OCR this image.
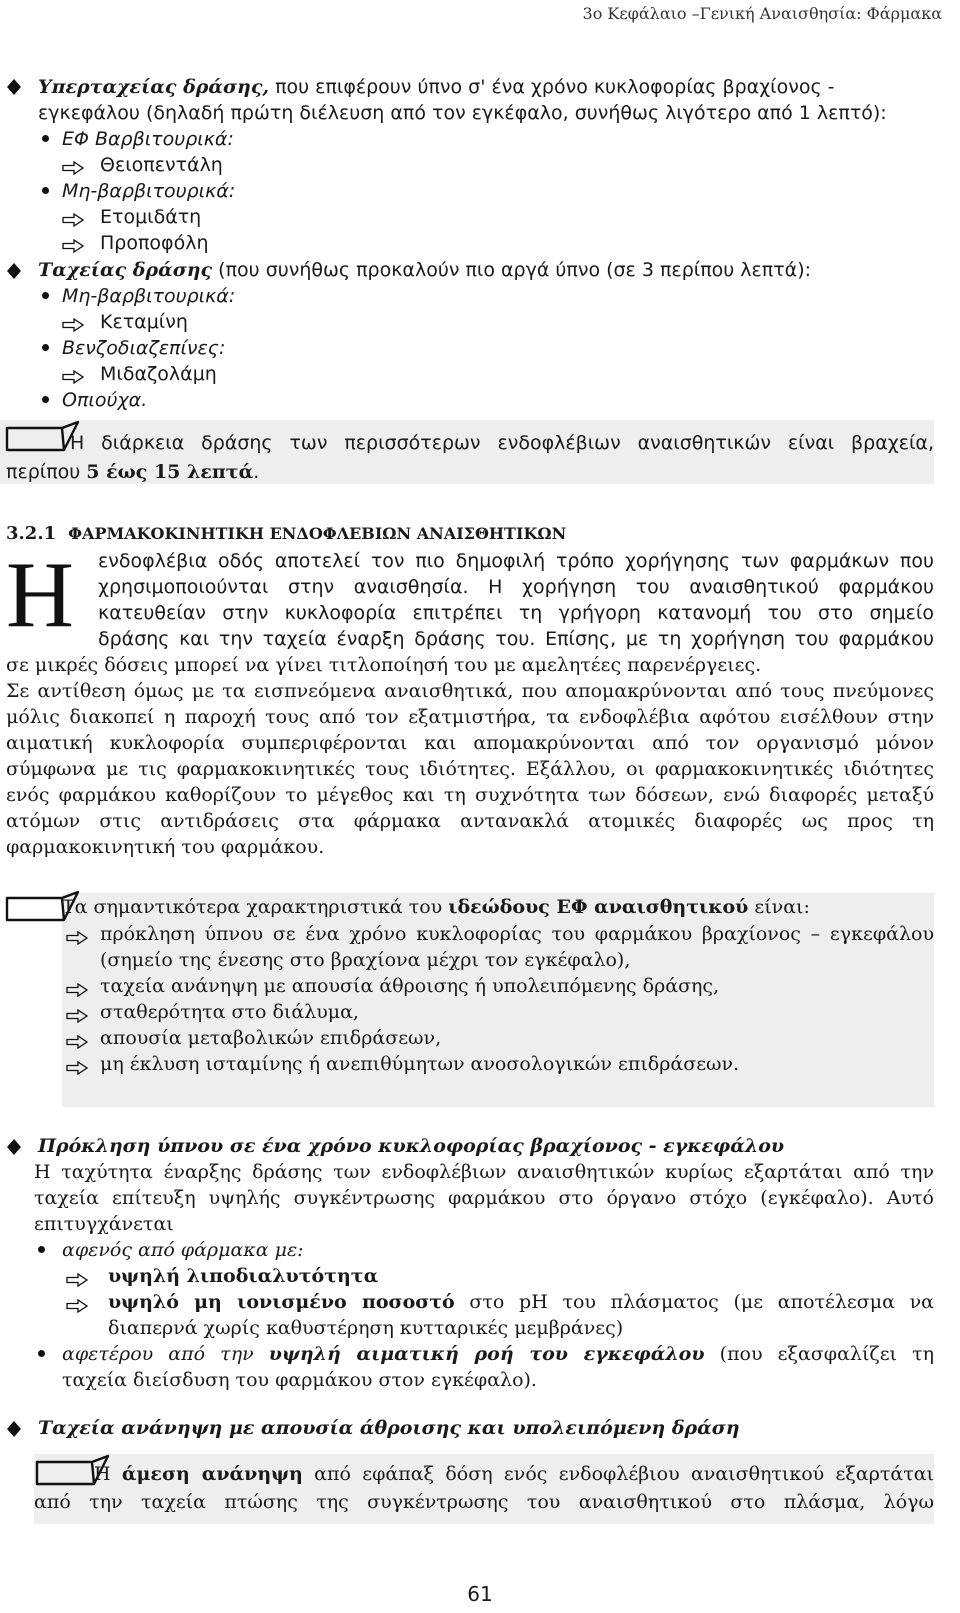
3ο Κεφάλαιο –Γενική Αναισθησία: Φάρμακα
Υπερταχείας δράσης, που επιφέρουν ύπνο σ' ένα χρόνο κυκλοφορίας βραχίονος -
εγκεφάλου (δηλαδή πρώτη διέλευση από τον εγκέφαλο, συνήθως λιγότερο από 1 λεπτό):
ΕΦ Βαρβιτουρικά:
Θειοπεντάλη
Μη-βαρβιτουρικά:
Ετομιδάτη
Προποφόλη
Ταχείας δράσης (που συνήθως προκαλούν πιο αργά ύπνο (σε 3 περίπου λεπτά):
Μη-βαρβιτουρικά:
Κεταμίνη
Βενζοδιαζεπίνες:
Μιδαζολάμη
Οπιούχα.
Η διάρκεια δράσης των περισσότερων ενδοφλέβιων αναισθητικών είναι βραχεία,
περίπου 5 έως 15 λεπτά.
3.2.1 ΦΑΡΜΑΚΟΚΙΝΗΤΙΚΗ ΕΝΔΟΦΛΕΒΙΩΝ ΑΝΑΙΣΘΗΤΙΚΩΝ
Η ενδοφλέβια οδός αποτελεί τον πιο δημοφιλή τρόπο χορήγησης των φαρμάκων που
χρησιμοποιούνται στην αναισθησία. Η χορήγηση του αναισθητικού φαρμάκου
κατευθείαν στην κυκλοφορία επιτρέπει τη γρήγορη κατανομή του στο σημείο
δράσης και την ταχεία έναρξη δράσης του. Επίσης, με τη χορήγηση του φαρμάκου
σε μικρές δόσεις μπορεί να γίνει τιτλοποίησή του με αμελητέες παρενέργειες.
Σε αντίθεση όμως με τα εισπνεόμενα αναισθητικά, που απομακρύνονται από τους πνεύμονες
μόλις διακοπεί η παροχή τους από τον εξατμιστήρα, τα ενδοφλέβια αφότου εισέλθουν στην
αιματική κυκλοφορία συμπεριφέρονται και απομακρύνονται από τον οργανισμό μόνον
σύμφωνα με τις φαρμακοκινητικές τους ιδιότητες. Εξάλλου, οι φαρμακοκινητικές ιδιότητες
ενός φαρμάκου καθορίζουν το μέγεθος και τη συχνότητα των δόσεων, ενώ διαφορές μεταξύ
ατόμων στις αντιδράσεις στα φάρμακα αντανακλά ατομικές διαφορές ως προς τη
φαρμακοκινητική του φαρμάκου.
Τα σημαντικότερα χαρακτηριστικά του ιδεώδους ΕΦ αναισθητικού είναι:
πρόκληση ύπνου σε ένα χρόνο κυκλοφορίας του φαρμάκου βραχίονος – εγκεφάλου
(σημείο της ένεσης στο βραχίονα μέχρι τον εγκέφαλο),
ταχεία ανάνηψη με απουσία άθροισης ή υπολειπόμενης δράσης,
σταθερότητα στο διάλυμα,
απουσία μεταβολικών επιδράσεων,
μη έκλυση ισταμίνης ή ανεπιθύμητων ανοσολογικών επιδράσεων.
Πρόκληση ύπνου σε ένα χρόνο κυκλοφορίας βραχίονος - εγκεφάλου
Η ταχύτητα έναρξης δράσης των ενδοφλέβιων αναισθητικών κυρίως εξαρτάται από την
ταχεία επίτευξη υψηλής συγκέντρωσης φαρμάκου στο όργανο στόχο (εγκέφαλο). Αυτό
επιτυγχάνεται
αφενός από φάρμακα με:
υψηλή λιποδιαλυτότητα
υψηλό μη ιονισμένο ποσοστό στο pH του πλάσματος (με αποτέλεσμα να
διαπερνά χωρίς καθυστέρηση κυτταρικές μεμβράνες)
αφετέρου από την υψηλή αιματική ροή του εγκεφάλου (που εξασφαλίζει τη
ταχεία διείσδυση του φαρμάκου στον εγκέφαλο).
Ταχεία ανάνηψη με απουσία άθροισης και υπολειπόμενη δράση
Η άμεση ανάνηψη από εφάπαξ δόση ενός ενδοφλέβιου αναισθητικού εξαρτάται
από την ταχεία πτώσης της συγκέντρωσης του αναισθητικού στο πλάσμα, λόγω
61
